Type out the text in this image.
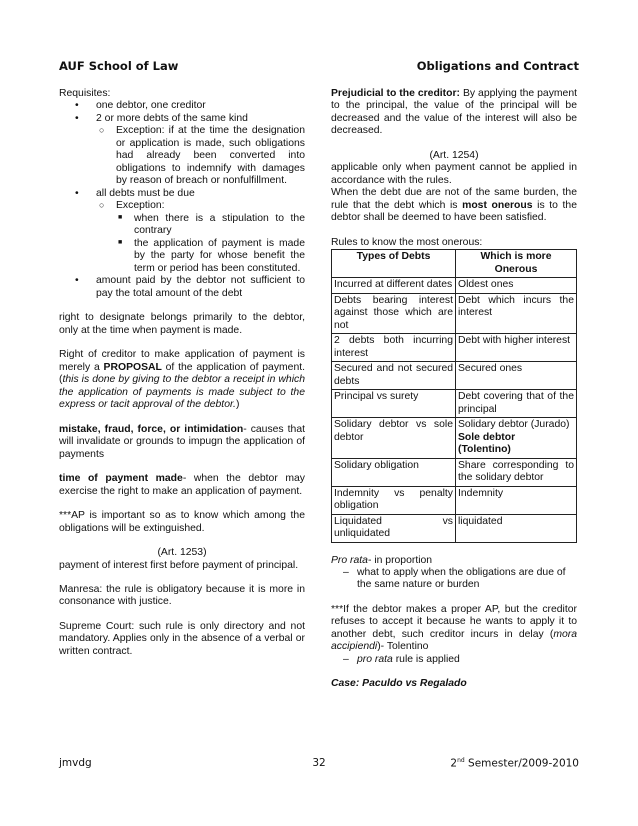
AUF School of Law	Obligations and Contract

Requisites:

• one debtor, one creditor
• 2 or more debts of the same kind
○ Exception: if at the time the designation or application is made, such obligations had already been converted into obligations to indemnify with damages by reason of breach or nonfulfillment.
• all debts must be due
○ Exception:
■ when there is a stipulation to the contrary
■ the application of payment is made by the party for whose benefit the term or period has been constituted.
• amount paid by the debtor not sufficient to pay the total amount of the debt

right to designate belongs primarily to the debtor, only at the time when payment is made.

Right of creditor to make application of payment is merely a PROPOSAL of the application of payment. (this is done by giving to the debtor a receipt in which the application of payments is made subject to the express or tacit approval of the debtor.)

mistake, fraud, force, or intimidation- causes that will invalidate or grounds to impugn the application of payments

time of payment made- when the debtor may exercise the right to make an application of payment.

***AP is important so as to know which among the obligations will be extinguished.

(Art. 1253)

payment of interest first before payment of principal.

Manresa: the rule is obligatory because it is more in consonance with justice.

Supreme Court: such rule is only directory and not mandatory. Applies only in the absence of a verbal or written contract.

Prejudicial to the creditor: By applying the payment to the principal, the value of the principal will be decreased and the value of the interest will also be decreased.

(Art. 1254)

applicable only when payment cannot be applied in accordance with the rules.

When the debt due are not of the same burden, the rule that the debt which is most onerous is to the debtor shall be deemed to have been satisfied.

Rules to know the most onerous:

Types of Debts	Which is more Onerous
Incurred at different dates	Oldest ones
Debts bearing interest against those which are not	Debt which incurs the interest
2 debts both incurring interest	Debt with higher interest
Secured and not secured debts	Secured ones
Principal vs surety	Debt covering that of the principal
Solidary debtor vs sole debtor	Solidary debtor (Jurado)
Sole debtor
(Tolentino)

Solidary obligation	Share corresponding to the solidary debtor
Indemnity vs penalty obligation	Indemnity
Liquidated vs unliquidated	liquidated

Pro rata- in proportion

– what to apply when the obligations are due of the same nature or burden

***If the debtor makes a proper AP, but the creditor refuses to accept it because he wants to apply it to another debt, such creditor incurs in delay (mora accipiendi)- Tolentino

– pro rata rule is applied

Case: Paculdo vs Regalado

jmvdg	32	2nd Semester/2009-2010
